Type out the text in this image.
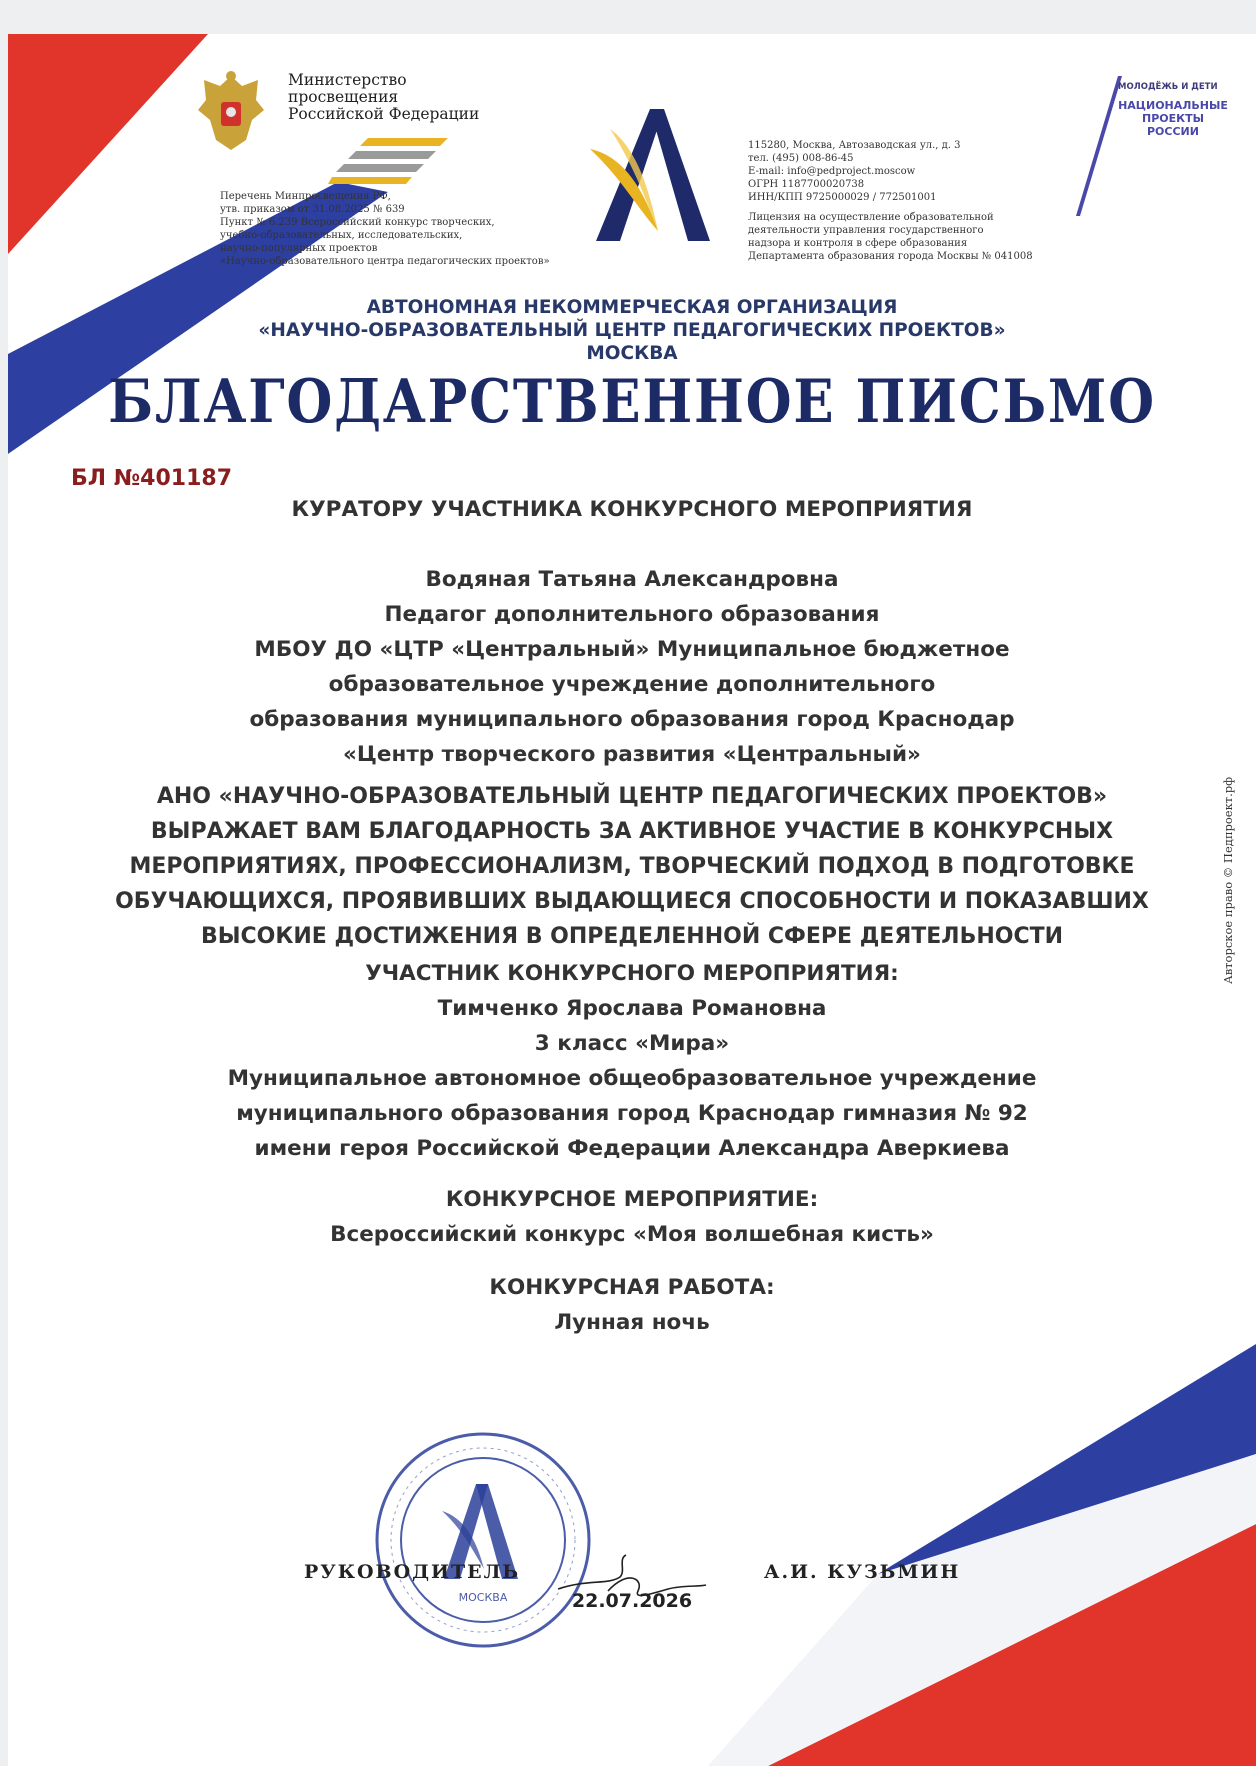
Министерство просвещения Российской Федерации
Перечень Минпросвещения РФ,
утв. приказом от 31.08.2025 № 639
Пункт № 6.239 Всероссийский конкурс творческих,
учебно-образовательных, исследовательских,
научно-популярных проектов
«Научно-образовательного центра педагогических проектов»
115280, Москва, Автозаводская ул., д. 3
тел. (495) 008-86-45
E-mail: info@pedproject.moscow
ОГРН 1187700020738
ИНН/КПП 9725000029 / 772501001
Лицензия на осуществление образовательной
деятельности управления государственного
надзора и контроля в сфере образования
Департамента образования города Москвы № 041008
МОЛОДЁЖЬ И ДЕТИ
НАЦИОНАЛЬНЫЕ
ПРОЕКТЫ
РОССИИ
АВТОНОМНАЯ НЕКОММЕРЧЕСКАЯ ОРГАНИЗАЦИЯ
«НАУЧНО-ОБРАЗОВАТЕЛЬНЫЙ ЦЕНТР ПЕДАГОГИЧЕСКИХ ПРОЕКТОВ»
МОСКВА
БЛАГОДАРСТВЕННОЕ ПИСЬМО
БЛ №401187
КУРАТОРУ УЧАСТНИКА КОНКУРСНОГО МЕРОПРИЯТИЯ
Водяная Татьяна Александровна
Педагог дополнительного образования
МБОУ ДО «ЦТР «Центральный» Муниципальное бюджетное
образовательное учреждение дополнительного
образования муниципального образования город Краснодар
«Центр творческого развития «Центральный»
АНО «НАУЧНО-ОБРАЗОВАТЕЛЬНЫЙ ЦЕНТР ПЕДАГОГИЧЕСКИХ ПРОЕКТОВ»
ВЫРАЖАЕТ ВАМ БЛАГОДАРНОСТЬ ЗА АКТИВНОЕ УЧАСТИЕ В КОНКУРСНЫХ
МЕРОПРИЯТИЯХ, ПРОФЕССИОНАЛИЗМ, ТВОРЧЕСКИЙ ПОДХОД В ПОДГОТОВКЕ
ОБУЧАЮЩИХСЯ, ПРОЯВИВШИХ ВЫДАЮЩИЕСЯ СПОСОБНОСТИ И ПОКАЗАВШИХ
ВЫСОКИЕ ДОСТИЖЕНИЯ В ОПРЕДЕЛЕННОЙ СФЕРЕ ДЕЯТЕЛЬНОСТИ
УЧАСТНИК КОНКУРСНОГО МЕРОПРИЯТИЯ:
Тимченко Ярослава Романовна
3 класс «Мира»
Муниципальное автономное общеобразовательное учреждение
муниципального образования город Краснодар гимназия № 92
имени героя Российской Федерации Александра Аверкиева
КОНКУРСНОЕ МЕРОПРИЯТИЕ:
Всероссийский конкурс «Моя волшебная кисть»
КОНКУРСНАЯ РАБОТА:
Лунная ночь
МОСКВА
РУКОВОДИТЕЛЬ	А.И. КУЗЬМИН
22.07.2026
Авторское право © Педпроект.рф
